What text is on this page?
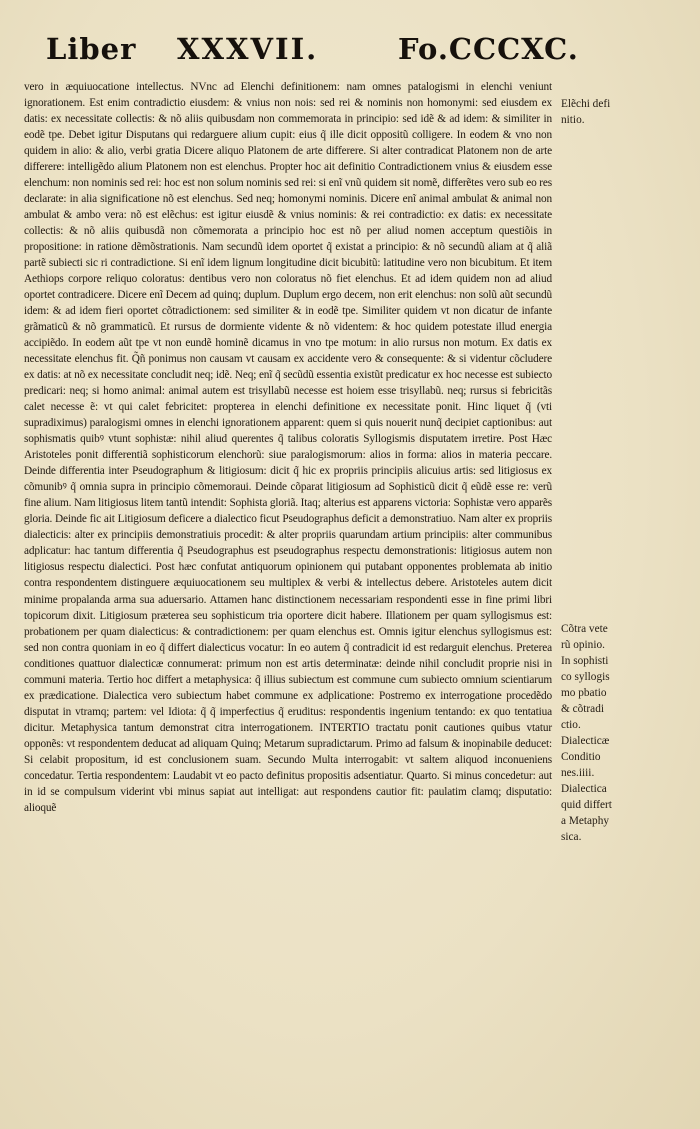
Liber XXXVII.	Fo.CCCXC.

vero in æquiuocatione intellectus. NVnc ad Elenchi definitionem: nam omnes patalogismi in elenchi veniunt ignorationem. Est enim contradictio eiusdem: & vnius non nois: sed rei & nominis non homonymi: sed eiusdem ex datis: ex necessitate collectis: & nõ aliis quibusdam non commemorata in principio: sed idẽ & ad idem: & similiter in eodẽ tpe. Debet igitur Disputans qui redarguere alium cupit: eius q̃ ille dicit oppositũ colligere. In eodem & vno non quidem in alio: & alio, verbi gratia Dicere aliquo Platonem de arte differere. Si alter contradicat Platonem non de arte differere: intelligẽdo alium Platonem non est elenchus. Propter hoc ait definitio Contradictionem vnius & eiusdem esse elenchum: non nominis sed rei: hoc est non solum nominis sed rei: si enĩ vnũ quidem sit nomẽ, differẽtes vero sub eo res declarate: in alia significatione nõ est elenchus. Sed neq; homonymi nominis. Dicere enĩ animal ambulat & animal non ambulat & ambo vera: nõ est elẽchus: est igitur eiusdẽ & vnius nominis: & rei contradictio: ex datis: ex necessitate collectis: & nõ aliis quibusdã non cõmemorata a principio hoc est nõ per aliud nomen acceptum questiõis in propositione: in ratione dẽmõstrationis. Nam secundũ idem oportet q̃ existat a principio: & nõ secundũ aliam at q̃ aliã partẽ subiecti sic ri contradictione. Si enĩ idem lignum longitudine dicit bicubitũ: latitudine vero non bicubitum. Et item Aethiops corpore reliquo coloratus: dentibus vero non coloratus nõ fiet elenchus. Et ad idem quidem non ad aliud oportet contradicere. Dicere enĩ Decem ad quinq; duplum. Duplum ergo decem, non erit elenchus: non solũ aũt secundũ idem: & ad idem fieri oportet cõtradictionem: sed similiter & in eodẽ tpe. Similiter quidem vt non dicatur de infante grãmaticũ & nõ grammaticũ. Et rursus de dormiente vidente & nõ videntem: & hoc quidem potestate illud energia accipiẽdo. In eodem aũt tpe vt non eundẽ hominẽ dicamus in vno tpe motum: in alio rursus non motum. Ex datis ex necessitate elenchus fit. Q̃ñ ponimus non causam vt causam ex accidente vero & consequente: & si videntur cõcludere ex datis: at nõ ex necessitate concludit neq; idẽ. Neq; enĩ q̃ secũdũ essentia existũt predicatur ex hoc necesse est subiecto predicari: neq; si homo animal: animal autem est trisyllabũ necesse est hoiem esse trisyllabũ. neq; rursus si febricitãs calet necesse ẽ: vt qui calet febricitet: propterea in elenchi definitione ex necessitate ponit. Hinc liquet q̃ (vti supradiximus) paralogismi omnes in elenchi ignorationem apparent: quem si quis nouerit nunq̃ decipiet captionibus: aut sophismatis quibꝰ vtunt sophistæ: nihil aliud querentes q̃ talibus coloratis Syllogismis disputatem irretire. Post Hæc Aristoteles ponit differentiã sophisticorum elenchorũ: siue paralogismorum: alios in forma: alios in materia peccare. Deinde differentia inter Pseudographum & litigiosum: dicit q̃ hic ex propriis principiis alicuius artis: sed litigiosus ex cõmunibꝰ q̃ omnia supra in principio cõmemoraui. Deinde cõparat litigiosum ad Sophisticũ dicit q̃ eũdẽ esse re: verũ fine alium. Nam litigiosus litem tantũ intendit: Sophista gloriã. Itaq; alterius est apparens victoria: Sophistæ vero apparẽs gloria. Deinde fic ait Litigiosum deficere a dialectico ficut Pseudographus deficit a demonstratiuo. Nam alter ex propriis dialecticis: alter ex principiis demonstratiuis procedit: & alter propriis quarundam artium principiis: alter communibus adplicatur: hac tantum differentia q̃ Pseudographus est pseudographus respectu demonstrationis: litigiosus autem non litigiosus respectu dialectici. Post hæc confutat antiquorum opinionem qui putabant opponentes problemata ab initio contra respondentem distinguere æquiuocationem seu multiplex & verbi & intellectus debere. Aristoteles autem dicit minime propalanda arma sua aduersario. Attamen hanc distinctionem necessariam respondenti esse in fine primi libri topicorum dixit. Litigiosum præterea seu sophisticum tria oportere dicit habere. Illationem per quam syllogismus est: probationem per quam dialecticus: & contradictionem: per quam elenchus est. Omnis igitur elenchus syllogismus est: sed non contra quoniam in eo q̃ differt dialecticus vocatur: In eo autem q̃ contradicit id est redarguit elenchus. Preterea conditiones quattuor dialecticæ connumerat: primum non est artis determinatæ: deinde nihil concludit proprie nisi in communi materia. Tertio hoc differt a metaphysica: q̃ illius subiectum est commune cum subiecto omnium scientiarum ex prædicatione. Dialectica vero subiectum habet commune ex adplicatione: Postremo ex interrogatione procedẽdo disputat in vtramq; partem: vel Idiota: q̃ q̃ imperfectius q̃ eruditus: respondentis ingenium tentando: ex quo tentatiua dicitur. Metaphysica tantum demonstrat citra interrogationem. INTERTIO tractatu ponit cautiones quibus vtatur opponẽs: vt respondentem deducat ad aliquam Quinq; Metarum supradictarum. Primo ad falsum & inopinabile deducet: Si celabit propositum, id est conclusionem suam. Secundo Multa interrogabit: vt saltem aliquod inconueniens concedatur. Tertia respondentem: Laudabit vt eo pacto definitus propositis adsentiatur. Quarto. Si minus concedetur: aut in id se compulsum viderint vbi minus sapiat aut intelligat: aut respondens cautior fit: paulatim clamq; disputatio: alioquẽ

Elẽchi defi
nitio.
Cõtra vete
rũ opinio.
In sophisti
co syllogis
mo pbatio
& cõtradi
ctio.
Dialecticæ
Conditio
nes.iiii.
Dialectica
quid differt
a Metaphy
sica.
